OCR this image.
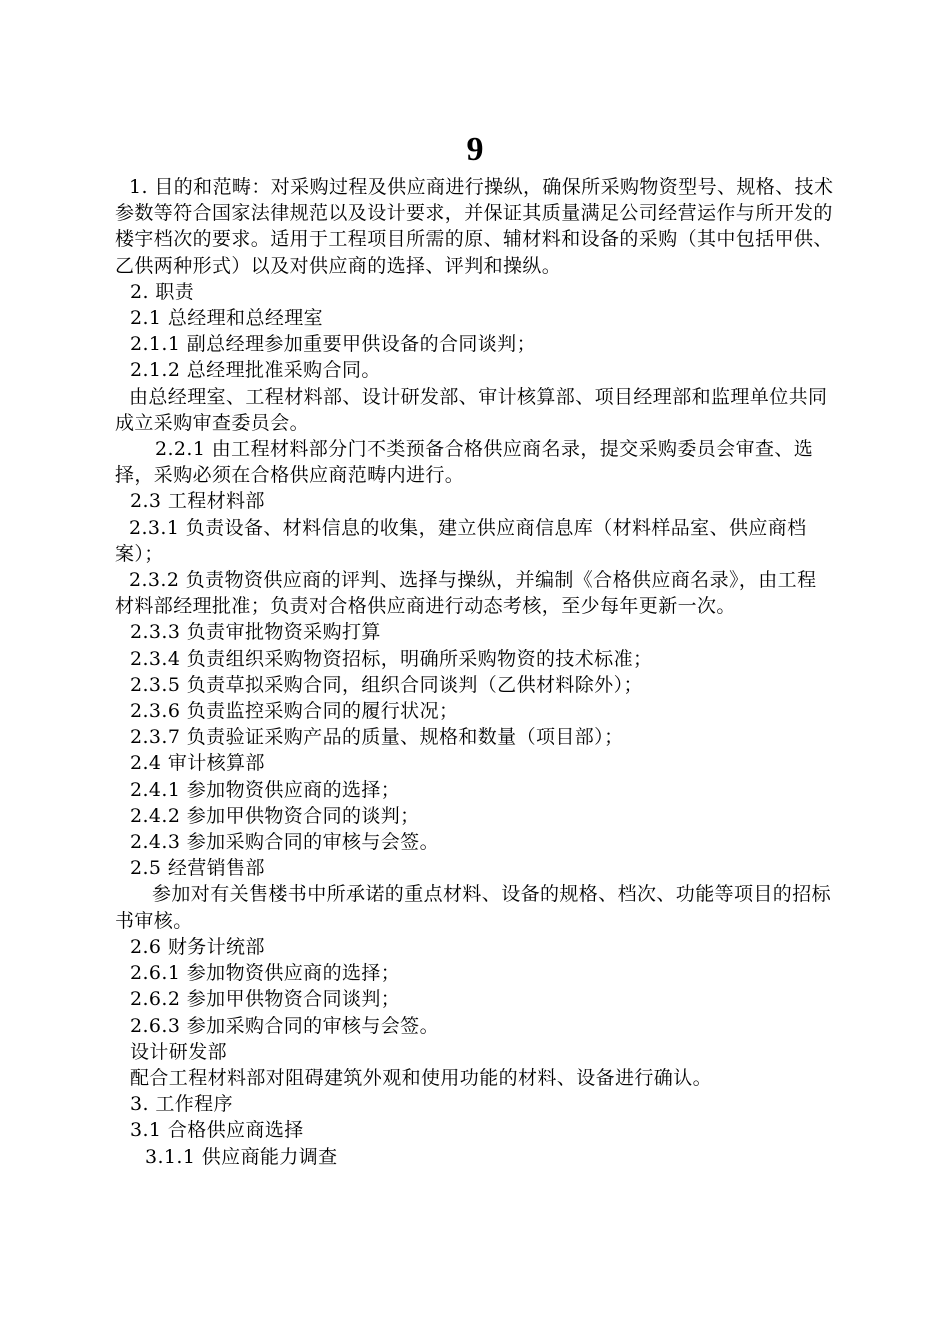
9

1. 目的和范畴：对采购过程及供应商进行操纵，确保所采购物资型号、规格、技术参数等符合国家法律规范以及设计要求，并保证其质量满足公司经营运作与所开发的楼宇档次的要求。适用于工程项目所需的原、辅材料和设备的采购（其中包括甲供、乙供两种形式）以及对供应商的选择、评判和操纵。

2. 职责

2.1 总经理和总经理室

2.1.1 副总经理参加重要甲供设备的合同谈判；

2.1.2 总经理批准采购合同。

由总经理室、工程材料部、设计研发部、审计核算部、项目经理部和监理单位共同成立采购审查委员会。

2.2.1 由工程材料部分门不类预备合格供应商名录，提交采购委员会审查、选择，采购必须在合格供应商范畴内进行。

2.3 工程材料部

2.3.1 负责设备、材料信息的收集，建立供应商信息库（材料样品室、供应商档案）；

2.3.2 负责物资供应商的评判、选择与操纵，并编制《合格供应商名录》，由工程材料部经理批准；负责对合格供应商进行动态考核，至少每年更新一次。

2.3.3 负责审批物资采购打算

2.3.4 负责组织采购物资招标，明确所采购物资的技术标准；

2.3.5 负责草拟采购合同，组织合同谈判（乙供材料除外）；

2.3.6 负责监控采购合同的履行状况；

2.3.7 负责验证采购产品的质量、规格和数量（项目部）；

2.4 审计核算部

2.4.1 参加物资供应商的选择；

2.4.2 参加甲供物资合同的谈判；

2.4.3 参加采购合同的审核与会签。

2.5 经营销售部

参加对有关售楼书中所承诺的重点材料、设备的规格、档次、功能等项目的招标书审核。

2.6 财务计统部

2.6.1 参加物资供应商的选择；

2.6.2 参加甲供物资合同谈判；

2.6.3 参加采购合同的审核与会签。

设计研发部

配合工程材料部对阻碍建筑外观和使用功能的材料、设备进行确认。

3. 工作程序

3.1 合格供应商选择

3.1.1 供应商能力调查
